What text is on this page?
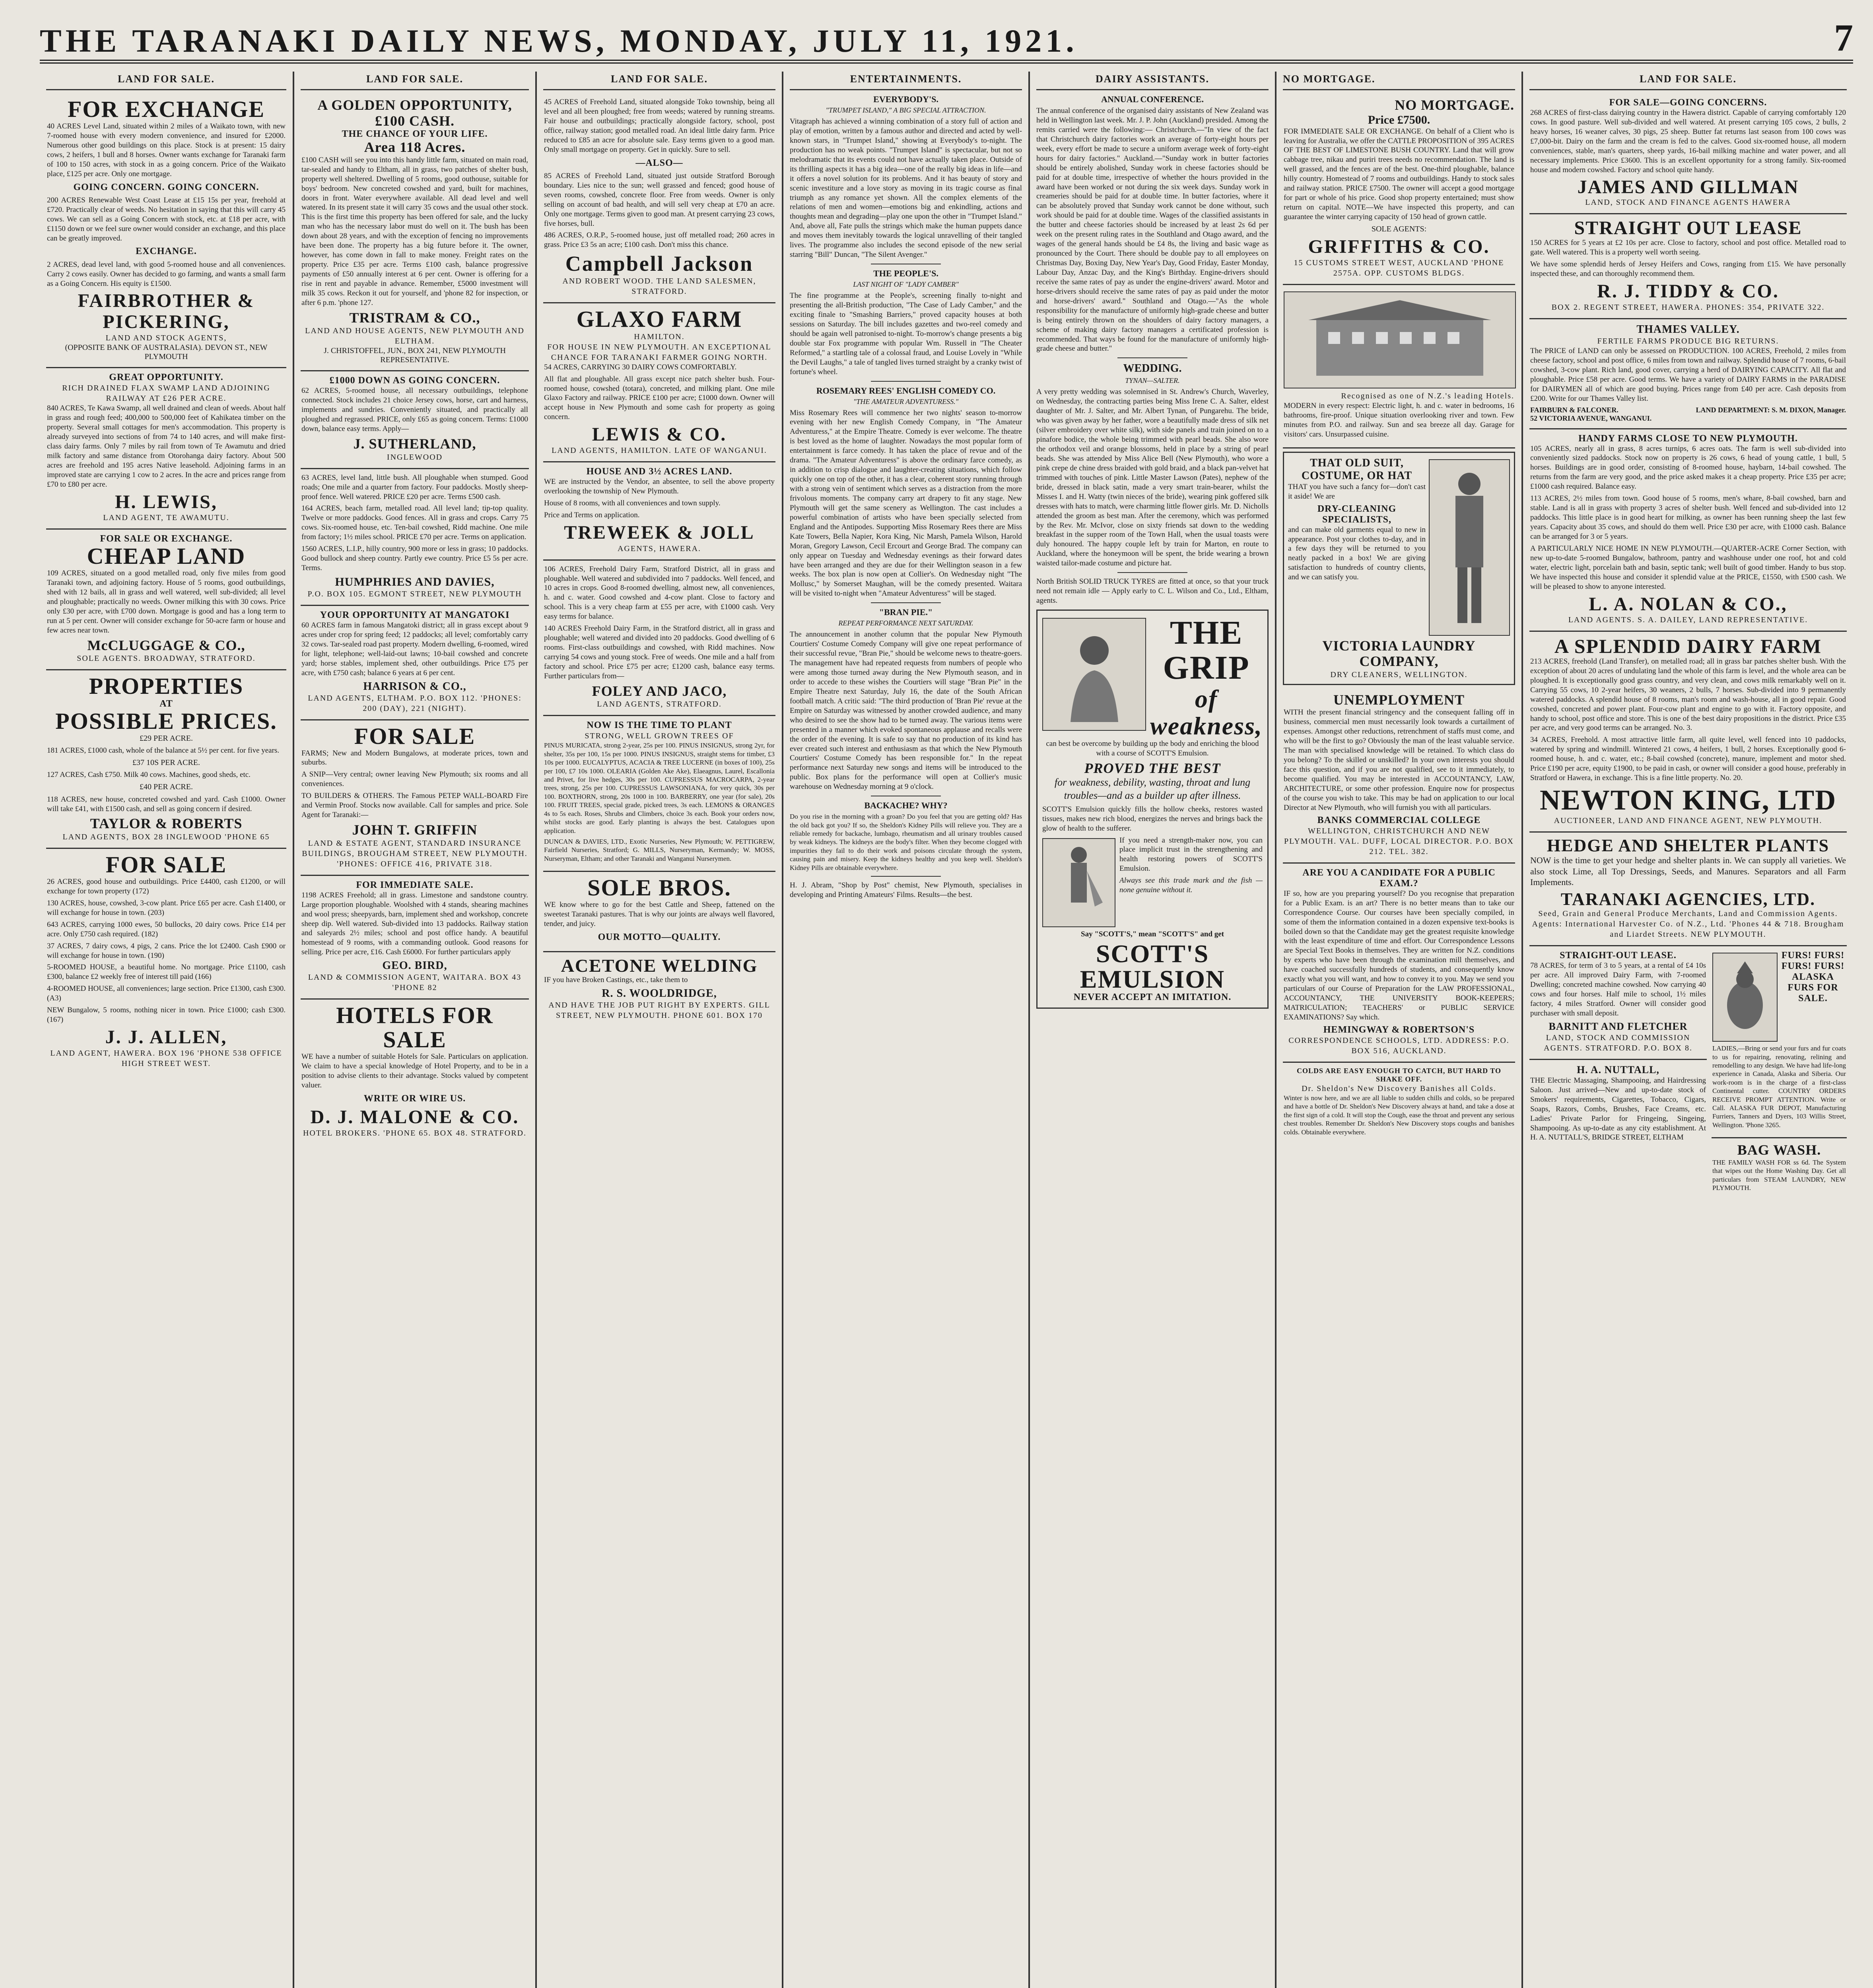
THE TARANAKI DAILY NEWS, MONDAY, JULY 11, 1921.	7
LAND FOR SALE.
FOR EXCHANGE

40 ACRES Level Land, situated within 2 miles of a Waikato town, with new 7-roomed house with every modern convenience, and insured for £2000. Numerous other good buildings on this place. Stock is at present: 15 dairy cows, 2 heifers, 1 bull and 8 horses. Owner wants exchange for Taranaki farm of 100 to 150 acres, with stock in as a going concern. Price of the Waikato place, £125 per acre. Only one mortgage.

GOING CONCERN. GOING CONCERN.

200 ACRES Renewable West Coast Lease at £15 15s per year, freehold at £720. Practically clear of weeds. No hesitation in saying that this will carry 45 cows. We can sell as a Going Concern with stock, etc. at £18 per acre, with £1150 down or we feel sure owner would consider an exchange, and this place can be greatly improved.

EXCHANGE.

2 ACRES, dead level land, with good 5-roomed house and all conveniences. Carry 2 cows easily. Owner has decided to go farming, and wants a small farm as a Going Concern. His equity is £1500.

FAIRBROTHER & PICKERING,
LAND AND STOCK AGENTS,
(OPPOSITE BANK OF AUSTRALASIA). DEVON ST., NEW PLYMOUTH
GREAT OPPORTUNITY.
RICH DRAINED FLAX SWAMP LAND ADJOINING RAILWAY AT £26 PER ACRE.

840 ACRES, Te Kawa Swamp, all well drained and clean of weeds. About half in grass and rough feed; 400,000 to 500,000 feet of Kahikatea timber on the property. Several small cottages for men's accommodation. This property is already surveyed into sections of from 74 to 140 acres, and will make first-class dairy farms. Only 7 miles by rail from town of Te Awamutu and dried milk factory and same distance from Otorohanga dairy factory. About 500 acres are freehold and 195 acres Native leasehold. Adjoining farms in an improved state are carrying 1 cow to 2 acres. In the acre and prices range from £70 to £80 per acre.

H. LEWIS,
LAND AGENT, TE AWAMUTU.
FOR SALE OR EXCHANGE.
CHEAP LAND

109 ACRES, situated on a good metalled road, only five miles from good Taranaki town, and adjoining factory. House of 5 rooms, good outbuildings, shed with 12 bails, all in grass and well watered, well sub-divided; all level and ploughable; practically no weeds. Owner milking this with 30 cows. Price only £30 per acre, with £700 down. Mortgage is good and has a long term to run at 5 per cent. Owner will consider exchange for 50-acre farm or house and few acres near town.

McCLUGGAGE & CO.,
SOLE AGENTS. BROADWAY, STRATFORD.
PROPERTIES
AT
POSSIBLE PRICES.

£29 PER ACRE.

181 ACRES, £1000 cash, whole of the balance at 5½ per cent. for five years.

£37 10S PER ACRE.

127 ACRES, Cash £750. Milk 40 cows. Machines, good sheds, etc.

£40 PER ACRE.

118 ACRES, new house, concreted cowshed and yard. Cash £1000. Owner will take £41, with £1500 cash, and sell as going concern if desired.

TAYLOR & ROBERTS
LAND AGENTS, BOX 28 INGLEWOOD 'PHONE 65
FOR SALE

26 ACRES, good house and outbuildings. Price £4400, cash £1200, or will exchange for town property (172)

130 ACRES, house, cowshed, 3-cow plant. Price £65 per acre. Cash £1400, or will exchange for house in town. (203)

643 ACRES, carrying 1000 ewes, 50 bullocks, 20 dairy cows. Price £14 per acre. Only £750 cash required. (182)

37 ACRES, 7 dairy cows, 4 pigs, 2 cans. Price the lot £2400. Cash £900 or will exchange for house in town. (190)

5-ROOMED HOUSE, a beautiful home. No mortgage. Price £1100, cash £300, balance £2 weekly free of interest till paid (166)

4-ROOMED HOUSE, all conveniences; large section. Price £1300, cash £300. (A3)

NEW Bungalow, 5 rooms, nothing nicer in town. Price £1000; cash £300. (167)

J. J. ALLEN,
LAND AGENT, HAWERA. BOX 196 'PHONE 538 OFFICE HIGH STREET WEST.
LAND FOR SALE.
A GOLDEN OPPORTUNITY, £100 CASH.
THE CHANCE OF YOUR LIFE.
Area 118 Acres.

£100 CASH will see you into this handy little farm, situated on main road, tar-sealed and handy to Eltham, all in grass, two patches of shelter bush, property well sheltered. Dwelling of 5 rooms, good outhouse, suitable for boys' bedroom. New concreted cowshed and yard, built for machines, doors in front. Water everywhere available. All dead level and well watered. In its present state it will carry 35 cows and the usual other stock. This is the first time this property has been offered for sale, and the lucky man who has the necessary labor must do well on it. The bush has been down about 28 years, and with the exception of fencing no improvements have been done. The property has a big future before it. The owner, however, has come down in fall to make money. Freight rates on the property. Price £35 per acre. Terms £100 cash, balance progressive payments of £50 annually interest at 6 per cent. Owner is offering for a rise in rent and payable in advance. Remember, £5000 investment will milk 35 cows. Reckon it out for yourself, and 'phone 82 for inspection, or after 6 p.m. 'phone 127.

TRISTRAM & CO.,
LAND AND HOUSE AGENTS, NEW PLYMOUTH AND ELTHAM.
J. CHRISTOFFEL, JUN., BOX 241, NEW PLYMOUTH REPRESENTATIVE.
£1000 DOWN AS GOING CONCERN.

62 ACRES, 5-roomed house, all necessary outbuildings, telephone connected. Stock includes 21 choice Jersey cows, horse, cart and harness, implements and sundries. Conveniently situated, and practically all ploughed and regrassed. PRICE, only £65 as going concern. Terms: £1000 down, balance easy terms. Apply—

J. SUTHERLAND,
INGLEWOOD

63 ACRES, level land, little bush. All ploughable when stumped. Good roads; One mile and a quarter from factory. Four paddocks. Mostly sheep-proof fence. Well watered. PRICE £20 per acre. Terms £500 cash.

164 ACRES, beach farm, metalled road. All level land; tip-top quality. Twelve or more paddocks. Good fences. All in grass and crops. Carry 75 cows. Six-roomed house, etc. Ten-bail cowshed, Ridd machine. One mile from factory; 1½ miles school. PRICE £70 per acre. Terms on application.

1560 ACRES, L.I.P., hilly country, 900 more or less in grass; 10 paddocks. Good bullock and sheep country. Partly ewe country. Price £5 5s per acre. Terms.

HUMPHRIES AND DAVIES,
P.O. BOX 105. EGMONT STREET, NEW PLYMOUTH
YOUR OPPORTUNITY AT MANGATOKI

60 ACRES farm in famous Mangatoki district; all in grass except about 9 acres under crop for spring feed; 12 paddocks; all level; comfortably carry 32 cows. Tar-sealed road past property. Modern dwelling, 6-roomed, wired for light, telephone; well-laid-out lawns; 10-bail cowshed and concrete yard; horse stables, implement shed, other outbuildings. Price £75 per acre, with £750 cash; balance 6 years at 6 per cent.

HARRISON & CO.,
LAND AGENTS, ELTHAM. P.O. BOX 112. 'PHONES: 200 (DAY), 221 (NIGHT).
FOR SALE

FARMS; New and Modern Bungalows, at moderate prices, town and suburbs.

A SNIP—Very central; owner leaving New Plymouth; six rooms and all conveniences.

TO BUILDERS & OTHERS. The Famous PETEP WALL-BOARD Fire and Vermin Proof. Stocks now available. Call for samples and price. Sole Agent for Taranaki:—

JOHN T. GRIFFIN
LAND & ESTATE AGENT, STANDARD INSURANCE BUILDINGS, BROUGHAM STREET, NEW PLYMOUTH. 'PHONES: OFFICE 416, PRIVATE 318.
FOR IMMEDIATE SALE.

1198 ACRES Freehold; all in grass. Limestone and sandstone country. Large proportion ploughable. Woolshed with 4 stands, shearing machines and wool press; sheepyards, barn, implement shed and workshop, concrete sheep dip. Well watered. Sub-divided into 13 paddocks. Railway station and saleyards 2½ miles; school and post office handy. A beautiful homestead of 9 rooms, with a commanding outlook. Good reasons for selling. Price per acre, £16. Cash £6000. For further particulars apply

GEO. BIRD,
LAND & COMMISSION AGENT, WAITARA. BOX 43 'PHONE 82
HOTELS FOR SALE

WE have a number of suitable Hotels for Sale. Particulars on application. We claim to have a special knowledge of Hotel Property, and to be in a position to advise clients to their advantage. Stocks valued by competent valuer.

WRITE OR WIRE US.

D. J. MALONE & CO.
HOTEL BROKERS. 'PHONE 65. BOX 48. STRATFORD.
LAND FOR SALE.

45 ACRES of Freehold Land, situated alongside Toko township, being all level and all been ploughed; free from weeds; watered by running streams. Fair house and outbuildings; practically alongside factory, school, post office, railway station; good metalled road. An ideal little dairy farm. Price reduced to £85 an acre for absolute sale. Easy terms given to a good man. Only small mortgage on property. Get in quickly. Sure to sell.

—ALSO—

85 ACRES of Freehold Land, situated just outside Stratford Borough boundary. Lies nice to the sun; well grassed and fenced; good house of seven rooms, cowshed, concrete floor. Free from weeds. Owner is only selling on account of bad health, and will sell very cheap at £70 an acre. Only one mortgage. Terms given to good man. At present carrying 23 cows, five horses, bull.

486 ACRES, O.R.P., 5-roomed house, just off metalled road; 260 acres in grass. Price £3 5s an acre; £100 cash. Don't miss this chance.

Campbell Jackson
AND ROBERT WOOD. THE LAND SALESMEN, STRATFORD.
GLAXO FARM
HAMILTON.
FOR HOUSE IN NEW PLYMOUTH. AN EXCEPTIONAL CHANCE FOR TARANAKI FARMER GOING NORTH.

54 ACRES, CARRYING 30 DAIRY COWS COMFORTABLY.

All flat and ploughable. All grass except nice patch shelter bush. Four-roomed house, cowshed (totara), concreted, and milking plant. One mile Glaxo Factory and railway. PRICE £100 per acre; £1000 down. Owner will accept house in New Plymouth and some cash for property as going concern.

LEWIS & CO.
LAND AGENTS, HAMILTON. LATE OF WANGANUI.
HOUSE AND 3½ ACRES LAND.

WE are instructed by the Vendor, an absentee, to sell the above property overlooking the township of New Plymouth.

House of 8 rooms, with all conveniences and town supply.

Price and Terms on application.

TREWEEK & JOLL
AGENTS, HAWERA.

106 ACRES, Freehold Dairy Farm, Stratford District, all in grass and ploughable. Well watered and subdivided into 7 paddocks. Well fenced, and 10 acres in crops. Good 8-roomed dwelling, almost new, all conveniences, h. and c. water. Good cowshed and 4-cow plant. Close to factory and school. This is a very cheap farm at £55 per acre, with £1000 cash. Very easy terms for balance.

140 ACRES Freehold Dairy Farm, in the Stratford district, all in grass and ploughable; well watered and divided into 20 paddocks. Good dwelling of 6 rooms. First-class outbuildings and cowshed, with Ridd machines. Now carrying 54 cows and young stock. Free of weeds. One mile and a half from factory and school. Price £75 per acre; £1200 cash, balance easy terms. Further particulars from—

FOLEY AND JACO,
LAND AGENTS, STRATFORD.
NOW IS THE TIME TO PLANT
STRONG, WELL GROWN TREES OF

PINUS MURICATA, strong 2-year, 25s per 100. PINUS INSIGNUS, strong 2yr, for shelter, 35s per 100, 15s per 1000. PINUS INSIGNUS, straight stems for timber, £3 10s per 1000. EUCALYPTUS, ACACIA & TREE LUCERNE (in boxes of 100), 25s per 100, £7 10s 1000. OLEARIA (Golden Ake Ake), Elaeagnus, Laurel, Escallonia and Privet, for live hedges, 30s per 100. CUPRESSUS MACROCARPA, 2-year trees, strong, 25s per 100. CUPRESSUS LAWSONIANA, for very quick, 30s per 100. BOXTHORN, strong, 20s 1000 in 100. BARBERRY, one year (for sale), 20s 100. FRUIT TREES, special grade, picked trees, 3s each. LEMONS & ORANGES 4s to 5s each. Roses, Shrubs and Climbers, choice 3s each. Book your orders now, whilst stocks are good. Early planting is always the best. Catalogues upon application.

DUNCAN & DAVIES, LTD., Exotic Nurseries, New Plymouth; W. PETTIGREW, Fairfield Nurseries, Stratford; G. MILLS, Nurseryman, Kermandy; W. MOSS, Nurseryman, Eltham; and other Taranaki and Wanganui Nurserymen.

SOLE BROS.

WE know where to go for the best Cattle and Sheep, fattened on the sweetest Taranaki pastures. That is why our joints are always well flavored, tender, and juicy.

OUR MOTTO—QUALITY.

ACETONE WELDING

IF you have Broken Castings, etc., take them to

R. S. WOOLDRIDGE,
AND HAVE THE JOB PUT RIGHT BY EXPERTS. GILL STREET, NEW PLYMOUTH. PHONE 601. BOX 170
ENTERTAINMENTS.
EVERYBODY'S.
"TRUMPET ISLAND," A BIG SPECIAL ATTRACTION.

Vitagraph has achieved a winning combination of a story full of action and play of emotion, written by a famous author and directed and acted by well-known stars, in "Trumpet Island," showing at Everybody's to-night. The production has no weak points. "Trumpet Island" is spectacular, but not so melodramatic that its events could not have actually taken place. Outside of its thrilling aspects it has a big idea—one of the really big ideas in life—and it offers a novel solution for its problems. And it has beauty of story and scenic investiture and a love story as moving in its tragic course as final triumph as any romance yet shown. All the complex elements of the relations of men and women—emotions big and enkindling, actions and thoughts mean and degrading—play one upon the other in "Trumpet Island." And, above all, Fate pulls the strings which make the human puppets dance and moves them inevitably towards the logical unravelling of their tangled lives. The programme also includes the second episode of the new serial starring "Bill" Duncan, "The Silent Avenger."

THE PEOPLE'S.
LAST NIGHT OF "LADY CAMBER"

The fine programme at the People's, screening finally to-night and presenting the all-British production, "The Case of Lady Camber," and the exciting finale to "Smashing Barriers," proved capacity houses at both sessions on Saturday. The bill includes gazettes and two-reel comedy and should be again well patronised to-night. To-morrow's change presents a big double star Fox programme with popular Wm. Russell in "The Cheater Reformed," a startling tale of a colossal fraud, and Louise Lovely in "While the Devil Laughs," a tale of tangled lives turned straight by a cranky twist of fortune's wheel.

ROSEMARY REES' ENGLISH COMEDY CO.
"THE AMATEUR ADVENTURESS."

Miss Rosemary Rees will commence her two nights' season to-morrow evening with her new English Comedy Company, in "The Amateur Adventuress," at the Empire Theatre. Comedy is ever welcome. The theatre is best loved as the home of laughter. Nowadays the most popular form of entertainment is farce comedy. It has taken the place of revue and of the drama. "The Amateur Adventuress" is above the ordinary farce comedy, as in addition to crisp dialogue and laughter-creating situations, which follow quickly one on top of the other, it has a clear, coherent story running through with a strong vein of sentiment which serves as a distraction from the more frivolous moments. The company carry art drapery to fit any stage. New Plymouth will get the same scenery as Wellington. The cast includes a powerful combination of artists who have been specially selected from England and the Antipodes. Supporting Miss Rosemary Rees there are Miss Kate Towers, Bella Napier, Kora King, Nic Marsh, Pamela Wilson, Harold Moran, Gregory Lawson, Cecil Ercourt and George Brad. The company can only appear on Tuesday and Wednesday evenings as their forward dates have been arranged and they are due for their Wellington season in a few weeks. The box plan is now open at Collier's. On Wednesday night "The Mollusc," by Somerset Maughan, will be the comedy presented. Waitara will be visited to-night when "Amateur Adventuress" will be staged.

"BRAN PIE."
REPEAT PERFORMANCE NEXT SATURDAY.

The announcement in another column that the popular New Plymouth Courtiers' Costume Comedy Company will give one repeat performance of their successful revue, "Bran Pie," should be welcome news to theatre-goers. The management have had repeated requests from numbers of people who were among those turned away during the New Plymouth season, and in order to accede to these wishes the Courtiers will stage "Bran Pie" in the Empire Theatre next Saturday, July 16, the date of the South African football match. A critic said: "The third production of 'Bran Pie' revue at the Empire on Saturday was witnessed by another crowded audience, and many who desired to see the show had to be turned away. The various items were presented in a manner which evoked spontaneous applause and recalls were the order of the evening. It is safe to say that no production of its kind has ever created such interest and enthusiasm as that which the New Plymouth Courtiers' Costume Comedy has been responsible for." In the repeat performance next Saturday new songs and items will be introduced to the public. Box plans for the performance will open at Collier's music warehouse on Wednesday morning at 9 o'clock.

BACKACHE? WHY?

Do you rise in the morning with a groan? Do you feel that you are getting old? Has the old back got you? If so, the Sheldon's Kidney Pills will relieve you. They are a reliable remedy for backache, lumbago, rheumatism and all urinary troubles caused by weak kidneys. The kidneys are the body's filter. When they become clogged with impurities they fail to do their work and poisons circulate through the system, causing pain and misery. Keep the kidneys healthy and you keep well. Sheldon's Kidney Pills are obtainable everywhere.

H. J. Abram, "Shop by Post" chemist, New Plymouth, specialises in developing and Printing Amateurs' Films. Results—the best.

DAIRY ASSISTANTS.
ANNUAL CONFERENCE.

The annual conference of the organised dairy assistants of New Zealand was held in Wellington last week. Mr. J. P. John (Auckland) presided. Among the remits carried were the following:— Christchurch.—"In view of the fact that Christchurch dairy factories work an average of forty-eight hours per week, every effort be made to secure a uniform average week of forty-eight hours for dairy factories." Auckland.—"Sunday work in butter factories should be entirely abolished, Sunday work in cheese factories should be paid for at double time, irrespective of whether the hours provided in the award have been worked or not during the six week days. Sunday work in creameries should be paid for at double time. In butter factories, where it can be absolutely proved that Sunday work cannot be done without, such work should be paid for at double time. Wages of the classified assistants in the butter and cheese factories should be increased by at least 2s 6d per week on the present ruling rates in the Southland and Otago award, and the wages of the general hands should be £4 8s, the living and basic wage as pronounced by the Court. There should be double pay to all employees on Christmas Day, Boxing Day, New Year's Day, Good Friday, Easter Monday, Labour Day, Anzac Day, and the King's Birthday. Engine-drivers should receive the same rates of pay as under the engine-drivers' award. Motor and horse-drivers should receive the same rates of pay as paid under the motor and horse-drivers' award." Southland and Otago.—"As the whole responsibility for the manufacture of uniformly high-grade cheese and butter is being entirely thrown on the shoulders of dairy factory managers, a scheme of making dairy factory managers a certificated profession is recommended. That ways be found for the manufacture of uniformly high-grade cheese and butter."

WEDDING.
TYNAN—SALTER.

A very pretty wedding was solemnised in St. Andrew's Church, Waverley, on Wednesday, the contracting parties being Miss Irene C. A. Salter, eldest daughter of Mr. J. Salter, and Mr. Albert Tynan, of Pungarehu. The bride, who was given away by her father, wore a beautifully made dress of silk net (silver embroidery over white silk), with side panels and train joined on to a pinafore bodice, the whole being trimmed with pearl beads. She also wore the orthodox veil and orange blossoms, held in place by a string of pearl beads. She was attended by Miss Alice Bell (New Plymouth), who wore a pink crepe de chine dress braided with gold braid, and a black pan-velvet hat trimmed with touches of pink. Little Master Lawson (Pates), nephew of the bride, dressed in black satin, made a very smart train-bearer, whilst the Misses I. and H. Watty (twin nieces of the bride), wearing pink goffered silk dresses with hats to match, were charming little flower girls. Mr. D. Nicholls attended the groom as best man. After the ceremony, which was performed by the Rev. Mr. McIvor, close on sixty friends sat down to the wedding breakfast in the supper room of the Town Hall, when the usual toasts were duly honoured. The happy couple left by train for Marton, en route to Auckland, where the honeymoon will be spent, the bride wearing a brown waisted tailor-made costume and picture hat.

North British SOLID TRUCK TYRES are fitted at once, so that your truck need not remain idle — Apply early to C. L. Wilson and Co., Ltd., Eltham, agents.

THE GRIP
of weakness,

can best be overcome by building up the body and enriching the blood with a course of SCOTT'S Emulsion.

PROVED THE BEST

for weakness, debility, wasting, throat and lung troubles—and as a builder up after illness.

SCOTT'S Emulsion quickly fills the hollow cheeks, restores wasted tissues, makes new rich blood, energizes the nerves and brings back the glow of health to the sufferer.

If you need a strength-maker now, you can place implicit trust in the strengthening and health restoring powers of SCOTT'S Emulsion.

Always see this trade mark and the fish — none genuine without it.

Say "SCOTT'S," mean "SCOTT'S" and get

SCOTT'S EMULSION
NEVER ACCEPT AN IMITATION.
NO MORTGAGE.
NO MORTGAGE.
Price £7500.

FOR IMMEDIATE SALE OR EXCHANGE. On behalf of a Client who is leaving for Australia, we offer the CATTLE PROPOSITION of 395 ACRES OF THE BEST OF LIMESTONE BUSH COUNTRY. Land that will grow cabbage tree, nikau and puriri trees needs no recommendation. The land is well grassed, and the fences are of the best. One-third ploughable, balance hilly country. Homestead of 7 rooms and outbuildings. Handy to stock sales and railway station. PRICE £7500. The owner will accept a good mortgage for part or whole of his price. Good shop property entertained; must show return on capital. NOTE—We have inspected this property, and can guarantee the winter carrying capacity of 150 head of grown cattle.

SOLE AGENTS:

GRIFFITHS & CO.
15 CUSTOMS STREET WEST, AUCKLAND 'PHONE 2575A. OPP. CUSTOMS BLDGS.
Recognised as one of N.Z.'s leading Hotels.

MODERN in every respect: Electric light, h. and c. water in bedrooms, 16 bathrooms, fire-proof. Unique situation overlooking river and town. Few minutes from P.O. and railway. Sun and sea breeze all day. Garage for visitors' cars. Unsurpassed cuisine.

THAT OLD SUIT, COSTUME, OR HAT

THAT you have such a fancy for—don't cast it aside! We are

DRY-CLEANING SPECIALISTS,

and can make old garments equal to new in appearance. Post your clothes to-day, and in a few days they will be returned to you neatly packed in a box! We are giving satisfaction to hundreds of country clients, and we can satisfy you.

VICTORIA LAUNDRY COMPANY,
DRY CLEANERS, WELLINGTON.
UNEMPLOYMENT

WITH the present financial stringency and the consequent falling off in business, commercial men must necessarily look towards a curtailment of expenses. Amongst other reductions, retrenchment of staffs must come, and who will be the first to go? Obviously the man of the least valuable service. The man with specialised knowledge will be retained. To which class do you belong? To the skilled or unskilled? In your own interests you should face this question, and if you are not qualified, see to it immediately, to become qualified. You may be interested in ACCOUNTANCY, LAW, ARCHITECTURE, or some other profession. Enquire now for prospectus of the course you wish to take. This may be had on application to our local Director at New Plymouth, who will furnish you with all particulars.

BANKS COMMERCIAL COLLEGE
WELLINGTON, CHRISTCHURCH AND NEW PLYMOUTH. VAL. DUFF, LOCAL DIRECTOR. P.O. BOX 212. TEL. 382.
ARE YOU A CANDIDATE FOR A PUBLIC EXAM.?

IF so, how are you preparing yourself? Do you recognise that preparation for a Public Exam. is an art? There is no better means than to take our Correspondence Course. Our courses have been specially compiled, in some of them the information contained in a dozen expensive text-books is boiled down so that the Candidate may get the greatest requisite knowledge with the least expenditure of time and effort. Our Correspondence Lessons are Special Text Books in themselves. They are written for N.Z. conditions by experts who have been through the examination mill themselves, and have coached successfully hundreds of students, and consequently know exactly what you will want, and how to convey it to you. May we send you particulars of our Course of Preparation for the LAW PROFESSIONAL, ACCOUNTANCY, THE UNIVERSITY BOOK-KEEPERS; MATRICULATION; TEACHERS' or PUBLIC SERVICE EXAMINATIONS? Say which.

HEMINGWAY & ROBERTSON'S
CORRESPONDENCE SCHOOLS, LTD. ADDRESS: P.O. BOX 516, AUCKLAND.
COLDS ARE EASY ENOUGH TO CATCH, BUT HARD TO SHAKE OFF.
Dr. Sheldon's New Discovery Banishes all Colds.

Winter is now here, and we are all liable to sudden chills and colds, so be prepared and have a bottle of Dr. Sheldon's New Discovery always at hand, and take a dose at the first sign of a cold. It will stop the Cough, ease the throat and prevent any serious chest troubles. Remember Dr. Sheldon's New Discovery stops coughs and banishes colds. Obtainable everywhere.

LAND FOR SALE.
FOR SALE—GOING CONCERNS.

268 ACRES of first-class dairying country in the Hawera district. Capable of carrying comfortably 120 cows. In good pasture. Well sub-divided and well watered. At present carrying 105 cows, 2 bulls, 2 heavy horses, 16 weaner calves, 30 pigs, 25 sheep. Butter fat returns last season from 100 cows was £7,000-bit. Dairy on the farm and the cream is fed to the calves. Good six-roomed house, all modern conveniences, stable, man's quarters, sheep yards, 16-bail milking machine and water power, and all necessary implements. Price £3600. This is an excellent opportunity for a strong family. Six-roomed house and modern cowshed. Factory and school quite handy.

JAMES AND GILLMAN
LAND, STOCK AND FINANCE AGENTS HAWERA
STRAIGHT OUT LEASE

150 ACRES for 5 years at £2 10s per acre. Close to factory, school and post office. Metalled road to gate. Well watered. This is a property well worth seeing.

We have some splendid herds of Jersey Heifers and Cows, ranging from £15. We have personally inspected these, and can thoroughly recommend them.

R. J. TIDDY & CO.
BOX 2. REGENT STREET, HAWERA. PHONES: 354, PRIVATE 322.
THAMES VALLEY.
FERTILE FARMS PRODUCE BIG RETURNS.

The PRICE of LAND can only be assessed on PRODUCTION. 100 ACRES, Freehold, 2 miles from cheese factory, school and post office, 6 miles from town and railway. Splendid house of 7 rooms, 6-bail cowshed, 3-cow plant. Rich land, good cover, carrying a herd of DAIRYING CAPACITY. All flat and ploughable. Price £58 per acre. Good terms. We have a variety of DAIRY FARMS in the PARADISE for DAIRYMEN all of which are good buying. Prices range from £40 per acre. Cash deposits from £200. Write for our Thames Valley list.

FAIRBURN & FALCONER.
52 VICTORIA AVENUE, WANGANUI.
LAND DEPARTMENT: S. M. DIXON, Manager.
HANDY FARMS CLOSE TO NEW PLYMOUTH.

105 ACRES, nearly all in grass, 8 acres turnips, 6 acres oats. The farm is well sub-divided into conveniently sized paddocks. Stock now on property is 26 cows, 6 head of young cattle, 1 bull, 5 horses. Buildings are in good order, consisting of 8-roomed house, haybarn, 14-bail cowshed. The returns from the farm are very good, and the price asked makes it a cheap property. Price £35 per acre; £1000 cash required. Balance easy.

113 ACRES, 2½ miles from town. Good house of 5 rooms, men's whare, 8-bail cowshed, barn and stable. Land is all in grass with property 3 acres of shelter bush. Well fenced and sub-divided into 12 paddocks. This little place is in good heart for milking, as owner has been running sheep the last few years. Capacity about 35 cows, and should do them well. Price £30 per acre, with £1000 cash. Balance can be arranged for 3 or 5 years.

A PARTICULARLY NICE HOME IN NEW PLYMOUTH.—QUARTER-ACRE Corner Section, with new up-to-date 5-roomed Bungalow, bathroom, pantry and washhouse under one roof, hot and cold water, electric light, porcelain bath and basin, septic tank; well built of good timber. Handy to bus stop. We have inspected this house and consider it splendid value at the PRICE, £1550, with £500 cash. We will be pleased to show to anyone interested.

L. A. NOLAN & CO.,
LAND AGENTS. S. A. DAILEY, LAND REPRESENTATIVE.
A SPLENDID DAIRY FARM

213 ACRES, freehold (Land Transfer), on metalled road; all in grass bar patches shelter bush. With the exception of about 20 acres of undulating land the whole of this farm is level, and the whole area can be ploughed. It is exceptionally good grass country, and very clean, and cows milk remarkably well on it. Carrying 55 cows, 10 2-year heifers, 30 weaners, 2 bulls, 7 horses. Sub-divided into 9 permanently watered paddocks. A splendid house of 8 rooms, man's room and wash-house, all in good repair. Good cowshed, concreted and power plant. Four-cow plant and engine to go with it. Factory opposite, and handy to school, post office and store. This is one of the best dairy propositions in the district. Price £35 per acre, and very good terms can be arranged. No. 3.

34 ACRES, Freehold. A most attractive little farm, all quite level, well fenced into 10 paddocks, watered by spring and windmill. Wintered 21 cows, 4 heifers, 1 bull, 2 horses. Exceptionally good 6-roomed house, h. and c. water, etc.; 8-bail cowshed (concrete), manure, implement and motor shed. Price £190 per acre, equity £1900, to be paid in cash, or owner will consider a good house, preferably in Stratford or Hawera, in exchange. This is a fine little property. No. 20.

NEWTON KING, LTD
AUCTIONEER, LAND AND FINANCE AGENT, NEW PLYMOUTH.
HEDGE AND SHELTER PLANTS

NOW is the time to get your hedge and shelter plants in. We can supply all varieties. We also stock Lime, all Top Dressings, Seeds, and Manures. Separators and all Farm Implements.

TARANAKI AGENCIES, LTD.
Seed, Grain and General Produce Merchants, Land and Commission Agents. Agents: International Harvester Co. of N.Z., Ltd. 'Phones 44 & 718. Brougham and Liardet Streets. NEW PLYMOUTH.
STRAIGHT-OUT LEASE.

78 ACRES, for term of 3 to 5 years, at a rental of £4 10s per acre. All improved Dairy Farm, with 7-roomed Dwelling; concreted machine cowshed. Now carrying 40 cows and four horses. Half mile to school, 1½ miles factory, 4 miles Stratford. Owner will consider good purchaser with small deposit.

BARNITT AND FLETCHER
LAND, STOCK AND COMMISSION AGENTS. STRATFORD. P.O. BOX 8.
H. A. NUTTALL,

THE Electric Massaging, Shampooing, and Hairdressing Saloon. Just arrived—New and up-to-date stock of Smokers' requirements, Cigarettes, Tobacco, Cigars, Soaps, Razors, Combs, Brushes, Face Creams, etc. Ladies' Private Parlor for Fringeing, Singeing, Shampooing. As up-to-date as any city establishment. At H. A. NUTTALL'S, BRIDGE STREET, ELTHAM

FURS! FURS! FURS! FURS!
ALASKA FURS FOR SALE.

LADIES,—Bring or send your furs and fur coats to us for repairing, renovating, relining and remodelling to any design. We have had life-long experience in Canada, Alaska and Siberia. Our work-room is in the charge of a first-class Continental cutter. COUNTRY ORDERS RECEIVE PROMPT ATTENTION. Write or Call. ALASKA FUR DEPOT, Manufacturing Furriers, Tanners and Dyers, 103 Willis Street, Wellington. 'Phone 3265.

BAG WASH.

THE FAMILY WASH FOR ss 6d. The System that wipes out the Home Washing Day. Get all particulars from STEAM LAUNDRY, NEW PLYMOUTH.
